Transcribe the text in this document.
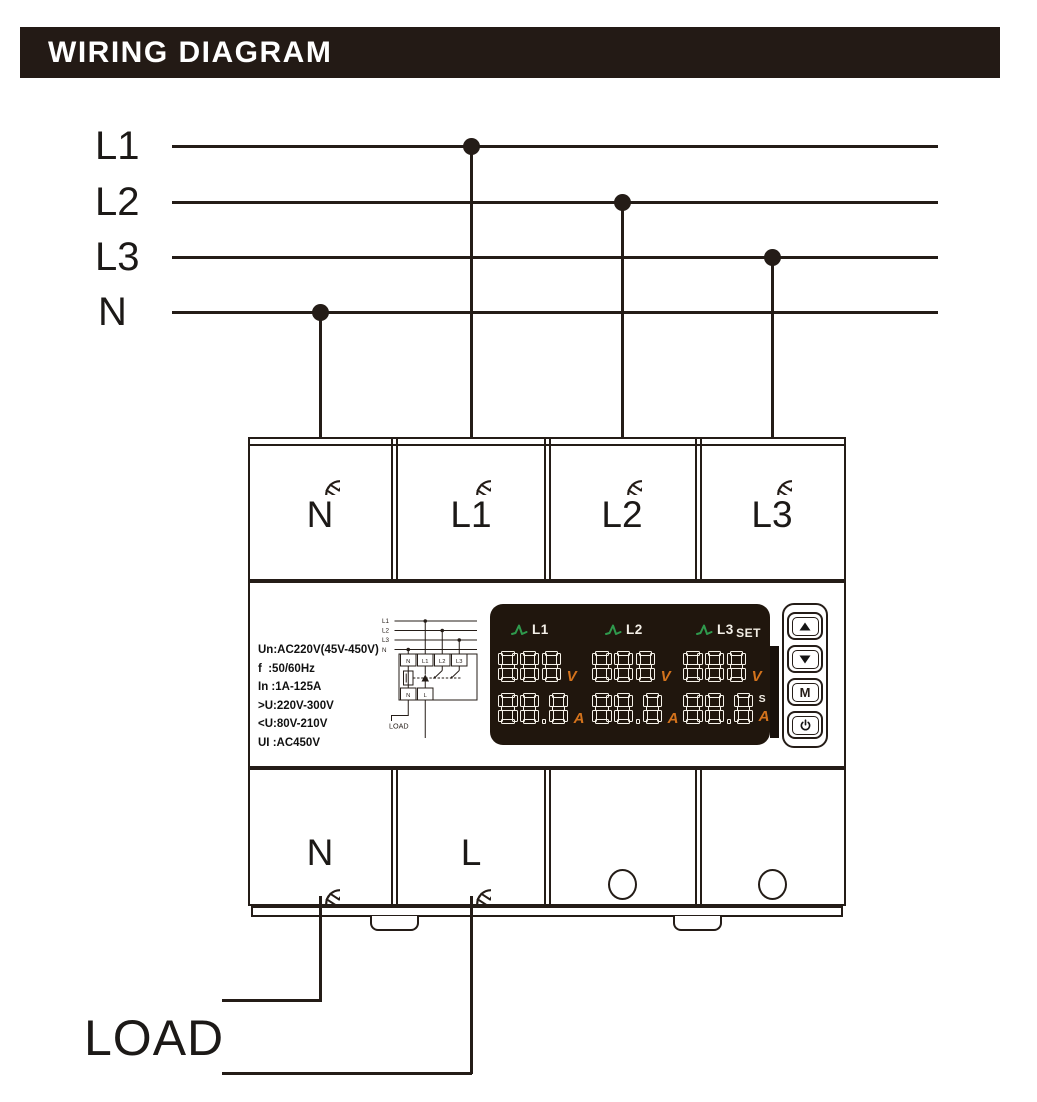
WIRING DIAGRAM
L1
L2
L3
N
N	L1	L2	L3
Un:AC220V(45V-450V)
f  :50/60Hz
In :1A-125A
>U:220V-300V
<U:80V-210V
UI :AC450V
L1
L2
L3
N
N L1 L2 L3
N L
LOAD
SET
L1
V
A
L2
V
A
L3
V
S
A
M
N	L
LOAD
